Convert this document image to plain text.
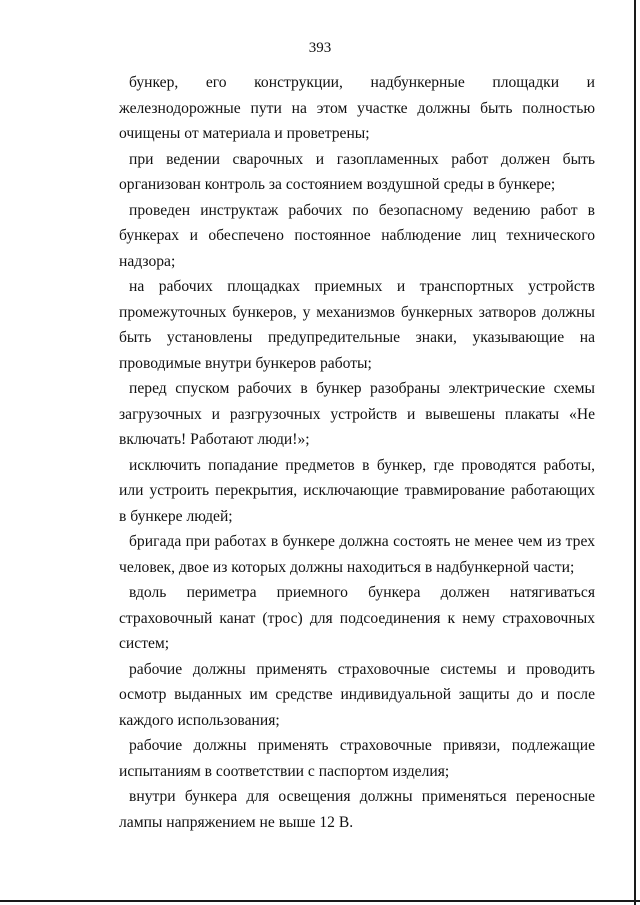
393

бункер, его конструкции, надбункерные площадки и железнодорожные пути на этом участке должны быть полностью очищены от материала и проветрены;

при ведении сварочных и газопламенных работ должен быть организован контроль за состоянием воздушной среды в бункере;

проведен инструктаж рабочих по безопасному ведению работ в бункерах и обеспечено постоянное наблюдение лиц технического надзора;

на рабочих площадках приемных и транспортных устройств промежуточных бункеров, у механизмов бункерных затворов должны быть установлены предупредительные знаки, указывающие на проводимые внутри бункеров работы;

перед спуском рабочих в бункер разобраны электрические схемы загрузочных и разгрузочных устройств и вывешены плакаты «Не включать! Работают люди!»;

исключить попадание предметов в бункер, где проводятся работы, или устроить перекрытия, исключающие травмирование работающих в бункере людей;

бригада при работах в бункере должна состоять не менее чем из трех человек, двое из которых должны находиться в надбункерной части;

вдоль периметра приемного бункера должен натягиваться страховочный канат (трос) для подсоединения к нему страховочных систем;

рабочие должны применять страховочные системы и проводить осмотр выданных им средстве индивидуальной защиты до и после каждого использования;

рабочие должны применять страховочные привязи, подлежащие испытаниям в соответствии с паспортом изделия;

внутри бункера для освещения должны применяться переносные лампы напряжением не выше 12 В.
